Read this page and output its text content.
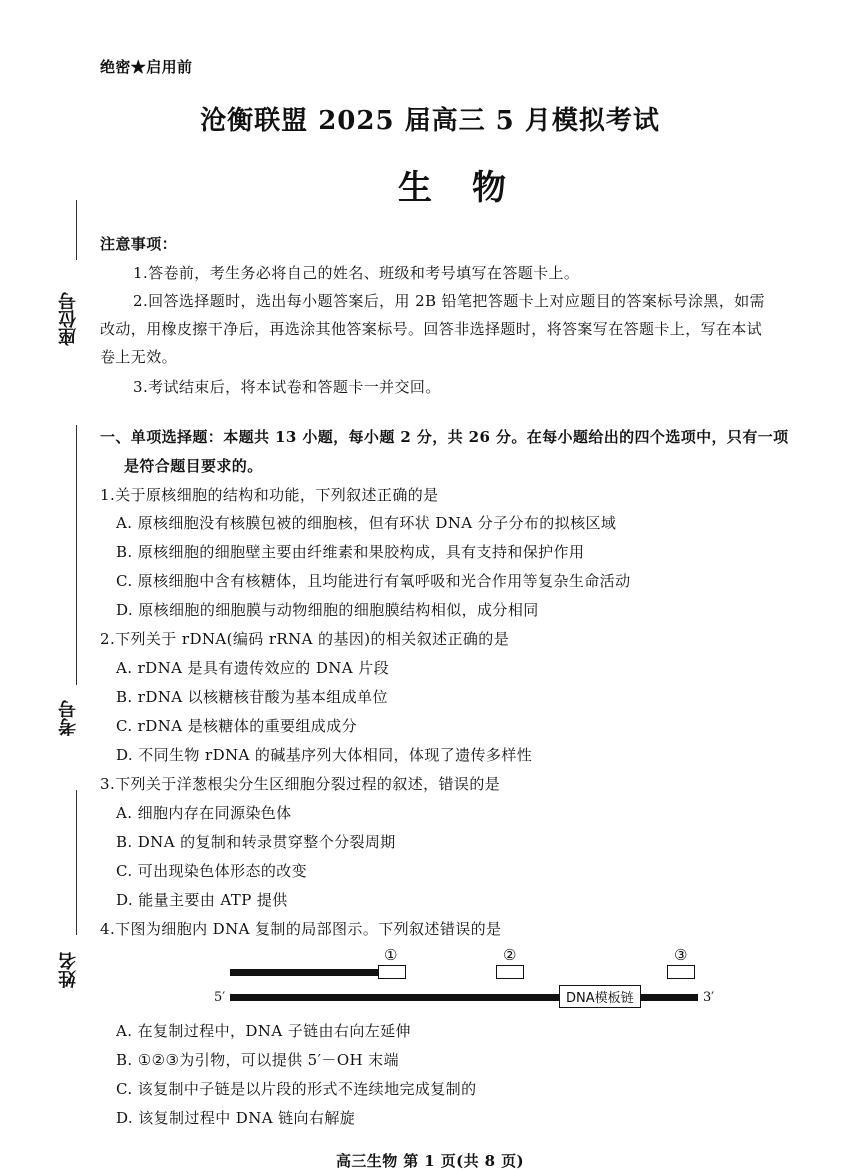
绝密★启用前
沧衡联盟 2025 届高三 5 月模拟考试
生物
座位号
考号
姓名
注意事项：
1.答卷前，考生务必将自己的姓名、班级和考号填写在答题卡上。
2.回答选择题时，选出每小题答案后，用 2B 铅笔把答题卡上对应题目的答案标号涂黑，如需
改动，用橡皮擦干净后，再选涂其他答案标号。回答非选择题时，将答案写在答题卡上，写在本试
卷上无效。
3.考试结束后，将本试卷和答题卡一并交回。
一、单项选择题：本题共 13 小题，每小题 2 分，共 26 分。在每小题给出的四个选项中，只有一项
是符合题目要求的。
1.关于原核细胞的结构和功能，下列叙述正确的是
A. 原核细胞没有核膜包被的细胞核，但有环状 DNA 分子分布的拟核区域
B. 原核细胞的细胞壁主要由纤维素和果胶构成，具有支持和保护作用
C. 原核细胞中含有核糖体，且均能进行有氧呼吸和光合作用等复杂生命活动
D. 原核细胞的细胞膜与动物细胞的细胞膜结构相似，成分相同
2.下列关于 rDNA(编码 rRNA 的基因)的相关叙述正确的是
A. rDNA 是具有遗传效应的 DNA 片段
B. rDNA 以核糖核苷酸为基本组成单位
C. rDNA 是核糖体的重要组成成分
D. 不同生物 rDNA 的碱基序列大体相同，体现了遗传多样性
3.下列关于洋葱根尖分生区细胞分裂过程的叙述，错误的是
A. 细胞内存在同源染色体
B. DNA 的复制和转录贯穿整个分裂周期
C. 可出现染色体形态的改变
D. 能量主要由 ATP 提供
4.下图为细胞内 DNA 复制的局部图示。下列叙述错误的是
①	②	③
5′	DNA模板链	3′
A. 在复制过程中，DNA 子链由右向左延伸
B. ①②③为引物，可以提供 5′－OH 末端
C. 该复制中子链是以片段的形式不连续地完成复制的
D. 该复制过程中 DNA 链向右解旋
高三生物 第 1 页(共 8 页)
